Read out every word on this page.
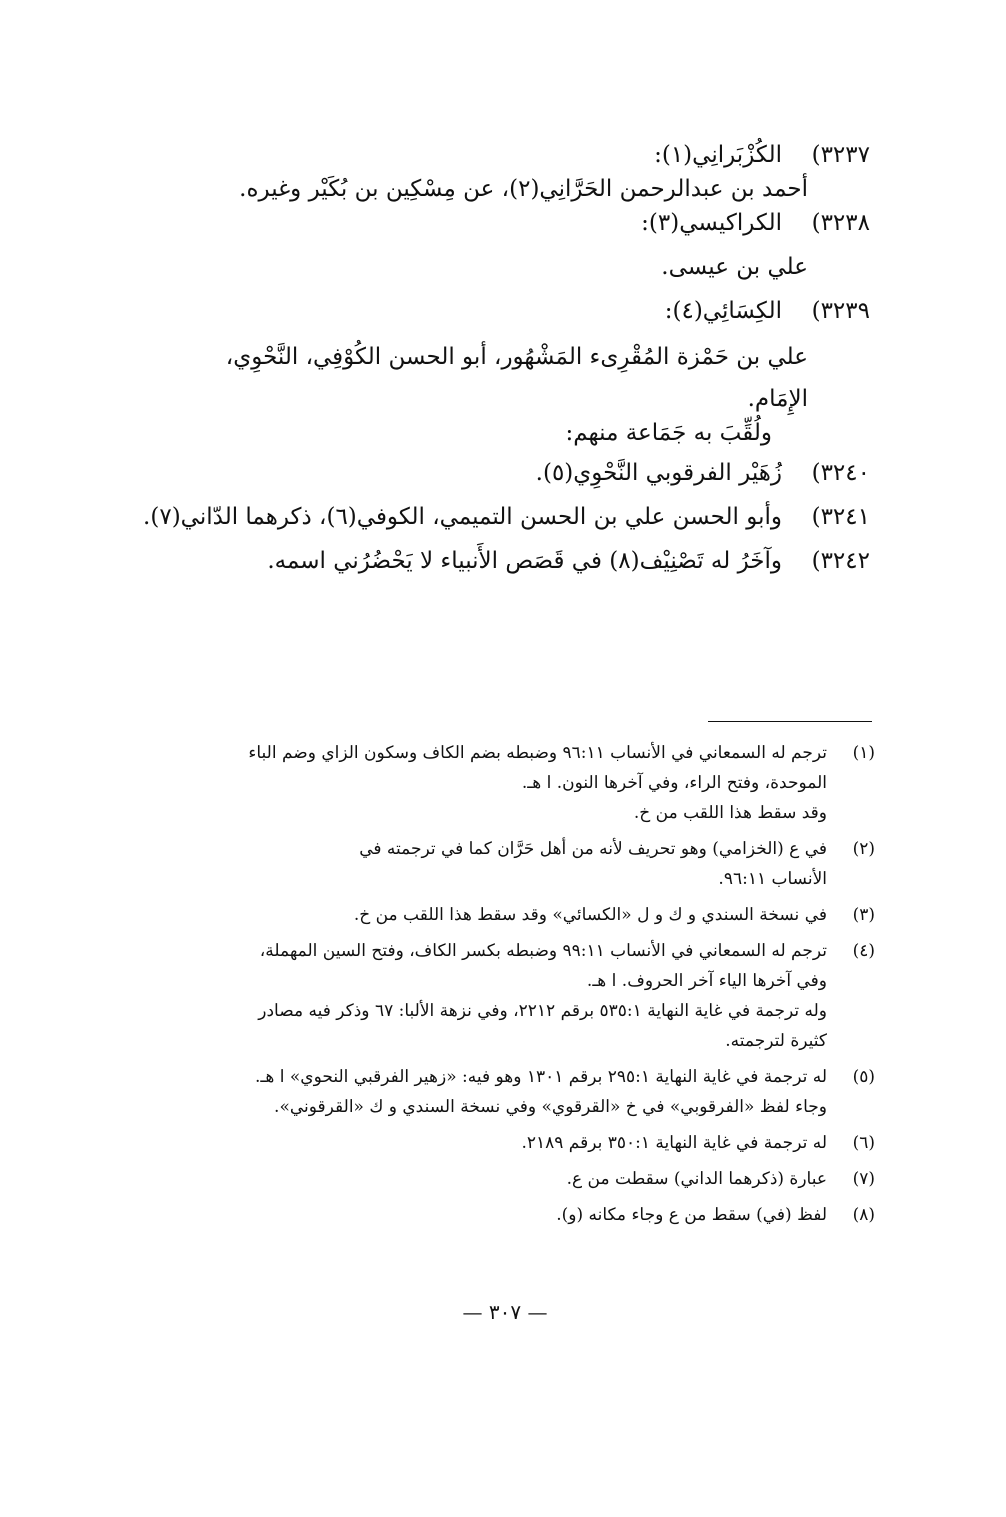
٣٢٣٧)الكُزْبَرانِي(١):
أحمد بن عبدالرحمن الحَرَّانِي(٢)، عن مِسْكِين بن بُكَيْر وغيره.
٣٢٣٨)الكراكيسي(٣):
علي بن عيسى.
٣٢٣٩)الكِسَائِي(٤):
علي بن حَمْزة المُقْرِىء المَشْهُور، أبو الحسن الكُوْفِي، النَّحْوِي،
الإِمَام.
ولُقِّبَ به جَمَاعة منهم:
٣٢٤٠)زُهَيْر الفرقوبي النَّحْوِي(٥).
٣٢٤١)وأبو الحسن علي بن الحسن التميمي، الكوفي(٦)، ذكرهما الدّاني(٧).
٣٢٤٢)وآخَرُ له تَصْنِيْف(٨) في قَصَص الأَنبياء لا يَحْضُرُني اسمه.
(١)
ترجم له السمعاني في الأنساب ٩٦:١١ وضبطه بضم الكاف وسكون الزاي وضم الباء
الموحدة، وفتح الراء، وفي آخرها النون. ا هـ.
وقد سقط هذا اللقب من خ.
(٢)
في ع (الخزامي) وهو تحريف لأنه من أهل حَرَّان كما في ترجمته في
الأنساب ٩٦:١١.
(٣)
في نسخة السندي و ك و ل «الكسائي» وقد سقط هذا اللقب من خ.
(٤)
ترجم له السمعاني في الأنساب ٩٩:١١ وضبطه بكسر الكاف، وفتح السين المهملة،
وفي آخرها الياء آخر الحروف. ا هـ.
وله ترجمة في غاية النهاية ٥٣٥:١ برقم ٢٢١٢، وفي نزهة الألبا: ٦٧ وذكر فيه مصادر
كثيرة لترجمته.
(٥)
له ترجمة في غاية النهاية ٢٩٥:١ برقم ١٣٠١ وهو فيه: «زهير الفرقبي النحوي» ا هـ.
وجاء لفظ «الفرقوبي» في خ «القرقوي» وفي نسخة السندي و ك «القرقوني».
(٦)
له ترجمة في غاية النهاية ٣٥٠:١ برقم ٢١٨٩.
(٧)
عبارة (ذكرهما الداني) سقطت من ع.
(٨)
لفظ (في) سقط من ع وجاء مكانه (و).
— ٣٠٧ —
